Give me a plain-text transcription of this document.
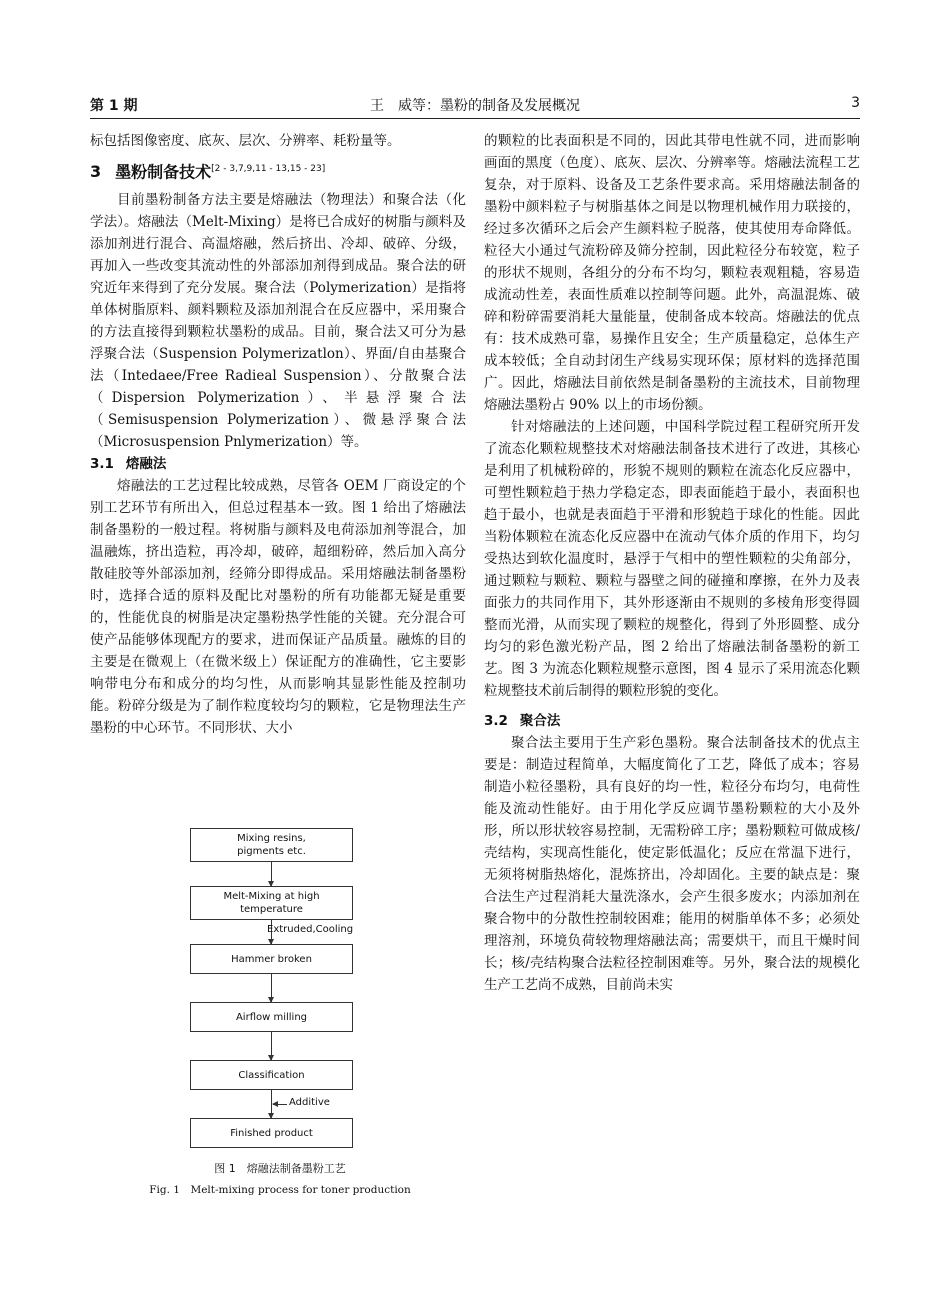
第 1 期	王　威等：墨粉的制备及发展概况	3

标包括图像密度、底灰、层次、分辨率、耗粉量等。

3 墨粉制备技术[2 - 3,7,9,11 - 13,15 - 23]

目前墨粉制备方法主要是熔融法（物理法）和聚合法（化学法）。熔融法（Melt-Mixing）是将已合成好的树脂与颜料及添加剂进行混合、高温熔融，然后挤出、冷却、破碎、分级，再加入一些改变其流动性的外部添加剂得到成品。聚合法的研究近年来得到了充分发展。聚合法（Polymerization）是指将单体树脂原料、颜料颗粒及添加剂混合在反应器中，采用聚合的方法直接得到颗粒状墨粉的成品。目前，聚合法又可分为悬浮聚合法（Suspension Polymerizatlon）、界面/自由基聚合法（Intedaee/Free Radieal Suspension）、分散聚合法（Dispersion Polymerization）、半悬浮聚合法（Semisuspension Polymerization）、微悬浮聚合法（Microsuspension Pnlymerization）等。

3.1 熔融法

熔融法的工艺过程比较成熟，尽管各 OEM 厂商设定的个别工艺环节有所出入，但总过程基本一致。图 1 给出了熔融法制备墨粉的一般过程。将树脂与颜料及电荷添加剂等混合，加温融炼，挤出造粒，再冷却，破碎，超细粉碎，然后加入高分散硅胶等外部添加剂，经筛分即得成品。采用熔融法制备墨粉时，选择合适的原料及配比对墨粉的所有功能都无疑是重要的，性能优良的树脂是决定墨粉热学性能的关键。充分混合可使产品能够体现配方的要求，进而保证产品质量。融炼的目的主要是在微观上（在微米级上）保证配方的准确性，它主要影响带电分布和成分的均匀性，从而影响其显影性能及控制功能。粉碎分级是为了制作粒度较均匀的颗粒，它是物理法生产墨粉的中心环节。不同形状、大小

Mixing resins,
pigments etc.
Melt-Mixing at high
temperature
Extruded,Cooling
Hammer broken
Airflow milling
Classification
Additive
Finished product
图 1　熔融法制备墨粉工艺
Fig. 1　Melt-mixing process for toner production

的颗粒的比表面积是不同的，因此其带电性就不同，进而影响画面的黑度（色度）、底灰、层次、分辨率等。熔融法流程工艺复杂，对于原料、设备及工艺条件要求高。采用熔融法制备的墨粉中颜料粒子与树脂基体之间是以物理机械作用力联接的，经过多次循环之后会产生颜料粒子脱落，使其使用寿命降低。粒径大小通过气流粉碎及筛分控制，因此粒径分布较宽，粒子的形状不规则，各组分的分布不均匀，颗粒表观粗糙，容易造成流动性差，表面性质难以控制等问题。此外，高温混炼、破碎和粉碎需要消耗大量能量，使制备成本较高。熔融法的优点有：技术成熟可靠，易操作且安全；生产质量稳定，总体生产成本较低；全自动封闭生产线易实现环保；原材料的选择范围广。因此，熔融法目前依然是制备墨粉的主流技术，目前物理熔融法墨粉占 90% 以上的市场份额。

针对熔融法的上述问题，中国科学院过程工程研究所开发了流态化颗粒规整技术对熔融法制备技术进行了改进，其核心是利用了机械粉碎的，形貌不规则的颗粒在流态化反应器中，可塑性颗粒趋于热力学稳定态，即表面能趋于最小，表面积也趋于最小，也就是表面趋于平滑和形貌趋于球化的性能。因此当粉体颗粒在流态化反应器中在流动气体介质的作用下，均匀受热达到软化温度时，悬浮于气相中的塑性颗粒的尖角部分，通过颗粒与颗粒、颗粒与器壁之间的碰撞和摩擦，在外力及表面张力的共同作用下，其外形逐渐由不规则的多棱角形变得圆整而光滑，从而实现了颗粒的规整化，得到了外形圆整、成分均匀的彩色激光粉产品，图 2 给出了熔融法制备墨粉的新工艺。图 3 为流态化颗粒规整示意图，图 4 显示了采用流态化颗粒规整技术前后制得的颗粒形貌的变化。

3.2 聚合法

聚合法主要用于生产彩色墨粉。聚合法制备技术的优点主要是：制造过程简单，大幅度简化了工艺，降低了成本；容易制造小粒径墨粉，具有良好的均一性，粒径分布均匀，电荷性能及流动性能好。由于用化学反应调节墨粉颗粒的大小及外形，所以形状较容易控制，无需粉碎工序；墨粉颗粒可做成核/壳结构，实现高性能化，使定影低温化；反应在常温下进行，无须将树脂热熔化，混炼挤出，冷却固化。主要的缺点是：聚合法生产过程消耗大量洗涤水，会产生很多废水；内添加剂在聚合物中的分散性控制较困难；能用的树脂单体不多；必须处理溶剂，环境负荷较物理熔融法高；需要烘干，而且干燥时间长；核/壳结构聚合法粒径控制困难等。另外，聚合法的规模化生产工艺尚不成熟，目前尚未实
